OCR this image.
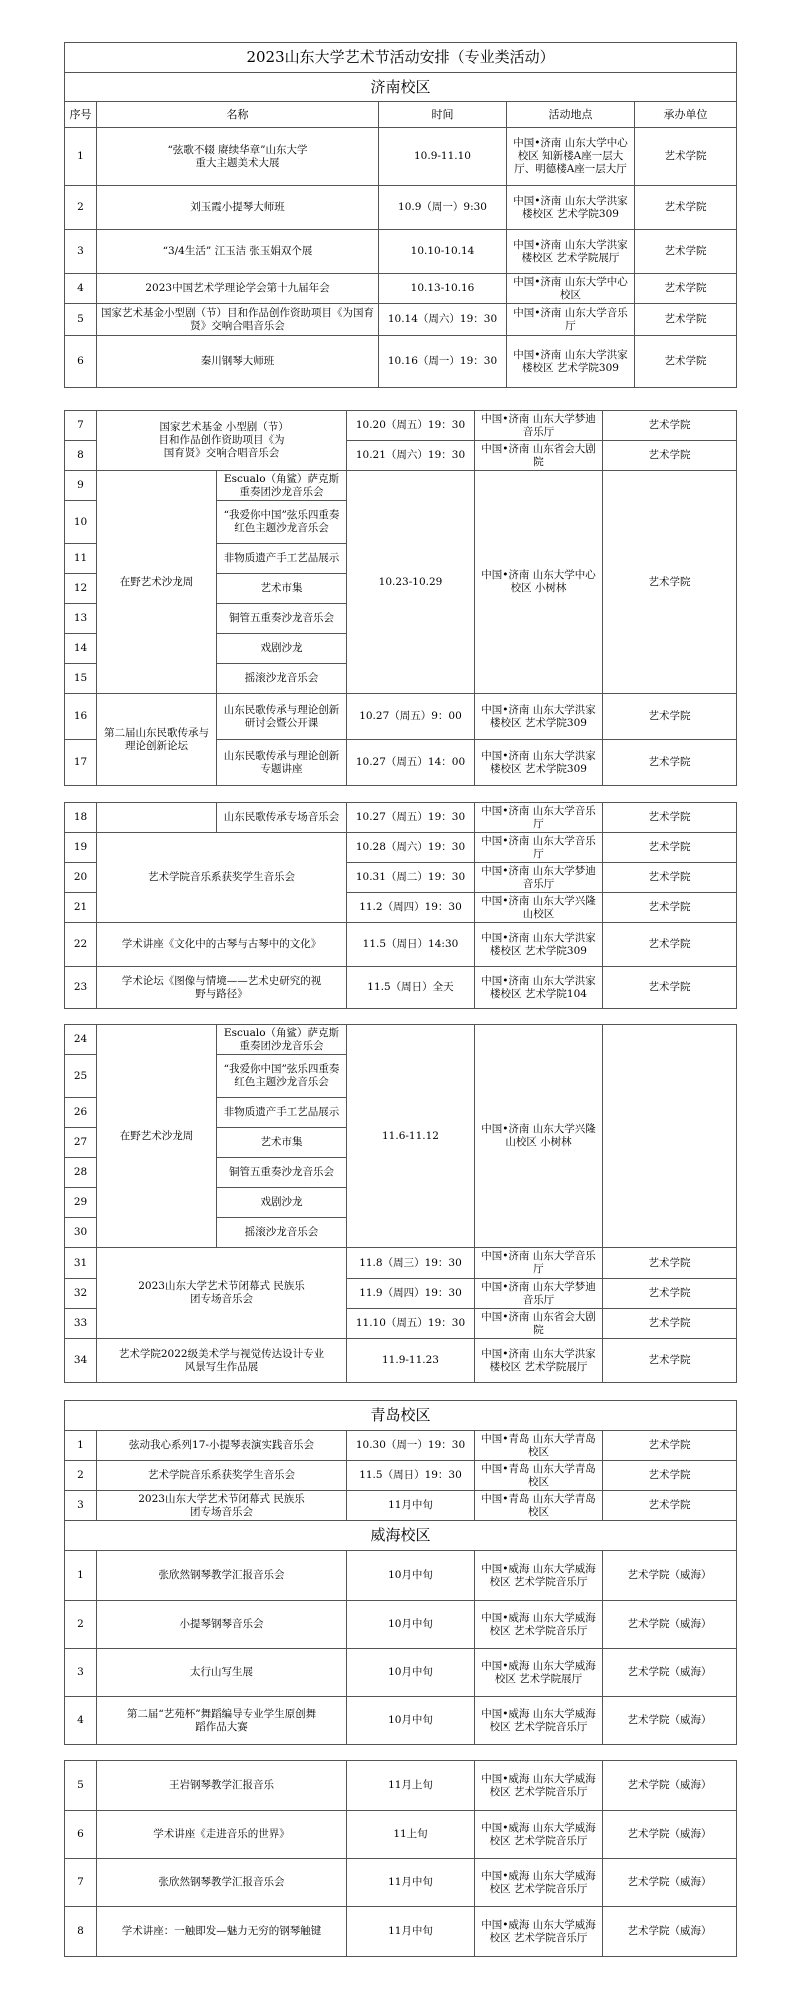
2023山东大学艺术节活动安排（专业类活动）				
济南校区				
序号	名称	时间	活动地点	承办单位
1	“弦歌不辍 赓续华章”山东大学重大主题美术大展	10.9-11.10	中国•济南 山东大学中心校区 知新楼A座一层大厅、明德楼A座一层大厅	艺术学院
2	刘玉霞小提琴大师班	10.9（周一）9:30	中国•济南 山东大学洪家楼校区 艺术学院309	艺术学院
3	“3/4生活” 江玉洁 张玉娟双个展	10.10-10.14	中国•济南 山东大学洪家楼校区 艺术学院展厅	艺术学院
4	2023中国艺术学理论学会第十九届年会	10.13-10.16	中国•济南 山东大学中心校区	艺术学院
5	国家艺术基金小型剧（节）目和作品创作资助项目《为国育贤》交响合唱音乐会	10.14（周六）19：30	中国•济南 山东大学音乐厅	艺术学院
6	秦川钢琴大师班	10.16（周一）19：30	中国•济南 山东大学洪家楼校区 艺术学院309	艺术学院
7	国家艺术基金 小型剧（节）目和作品创作资助项目《为国育贤》交响合唱音乐会		10.20（周五）19：30	中国•济南 山东大学梦迪音乐厅	艺术学院
8			10.21（周六）19：30	中国•济南 山东省会大剧院	艺术学院
9	在野艺术沙龙周	Escualo（角鲨）萨克斯重奏团沙龙音乐会	10.23-10.29	中国•济南 山东大学中心校区 小树林	艺术学院
10		“我爱你中国”弦乐四重奏红色主题沙龙音乐会			
11		非物质遗产手工艺品展示			
12		艺术市集			
13		铜管五重奏沙龙音乐会			
14		戏剧沙龙			
15		摇滚沙龙音乐会			
16	第二届山东民歌传承与理论创新论坛	山东民歌传承与理论创新研讨会暨公开课	10.27（周五）9：00	中国•济南 山东大学洪家楼校区 艺术学院309	艺术学院
17		山东民歌传承与理论创新专题讲座	10.27（周五）14：00	中国•济南 山东大学洪家楼校区 艺术学院309	艺术学院
18		山东民歌传承专场音乐会	10.27（周五）19：30	中国•济南 山东大学音乐厅	艺术学院
19	艺术学院音乐系获奖学生音乐会		10.28（周六）19：30	中国•济南 山东大学音乐厅	艺术学院
20			10.31（周二）19：30	中国•济南 山东大学梦迪音乐厅	艺术学院
21			11.2（周四）19：30	中国•济南 山东大学兴隆山校区	艺术学院
22	学术讲座《文化中的古琴与古琴中的文化》		11.5（周日）14:30	中国•济南 山东大学洪家楼校区 艺术学院309	艺术学院
23	学术论坛《图像与情境——艺术史研究的视野与路径》		11.5（周日）全天	中国•济南 山东大学洪家楼校区 艺术学院104	艺术学院
24	在野艺术沙龙周	Escualo（角鲨）萨克斯重奏团沙龙音乐会	11.6-11.12	中国•济南 山东大学兴隆山校区 小树林	
25		“我爱你中国”弦乐四重奏红色主题沙龙音乐会			
26		非物质遗产手工艺品展示			
27		艺术市集			
28		铜管五重奏沙龙音乐会			
29		戏剧沙龙			
30		摇滚沙龙音乐会			
31	2023山东大学艺术节闭幕式 民族乐团专场音乐会		11.8（周三）19：30	中国•济南 山东大学音乐厅	艺术学院
32			11.9（周四）19：30	中国•济南 山东大学梦迪音乐厅	艺术学院
33			11.10（周五）19：30	中国•济南 山东省会大剧院	艺术学院
34	艺术学院2022级美术学与视觉传达设计专业风景写生作品展		11.9-11.23	中国•济南 山东大学洪家楼校区 艺术学院展厅	艺术学院
青岛校区				
1	弦动我心系列17-小提琴表演实践音乐会	10.30（周一）19：30	中国•青岛 山东大学青岛校区	艺术学院
2	艺术学院音乐系获奖学生音乐会	11.5（周日）19：30	中国•青岛 山东大学青岛校区	艺术学院
3	2023山东大学艺术节闭幕式 民族乐团专场音乐会	11月中旬	中国•青岛 山东大学青岛校区	艺术学院
威海校区				
1	张欣然钢琴教学汇报音乐会	10月中旬	中国•威海 山东大学威海校区 艺术学院音乐厅	艺术学院（威海）
2	小提琴钢琴音乐会	10月中旬	中国•威海 山东大学威海校区 艺术学院音乐厅	艺术学院（威海）
3	太行山写生展	10月中旬	中国•威海 山东大学威海校区 艺术学院展厅	艺术学院（威海）
4	第二届“艺苑杯”舞蹈编导专业学生原创舞蹈作品大赛	10月中旬	中国•威海 山东大学威海校区 艺术学院音乐厅	艺术学院（威海）
5	王岩钢琴教学汇报音乐	11月上旬	中国•威海 山东大学威海校区 艺术学院音乐厅	艺术学院（威海）
6	学术讲座《走进音乐的世界》	11上旬	中国•威海 山东大学威海校区 艺术学院音乐厅	艺术学院（威海）
7	张欣然钢琴教学汇报音乐会	11月中旬	中国•威海 山东大学威海校区 艺术学院音乐厅	艺术学院（威海）
8	学术讲座：一触即发—魅力无穷的钢琴触键	11月中旬	中国•威海 山东大学威海校区 艺术学院音乐厅	艺术学院（威海）
